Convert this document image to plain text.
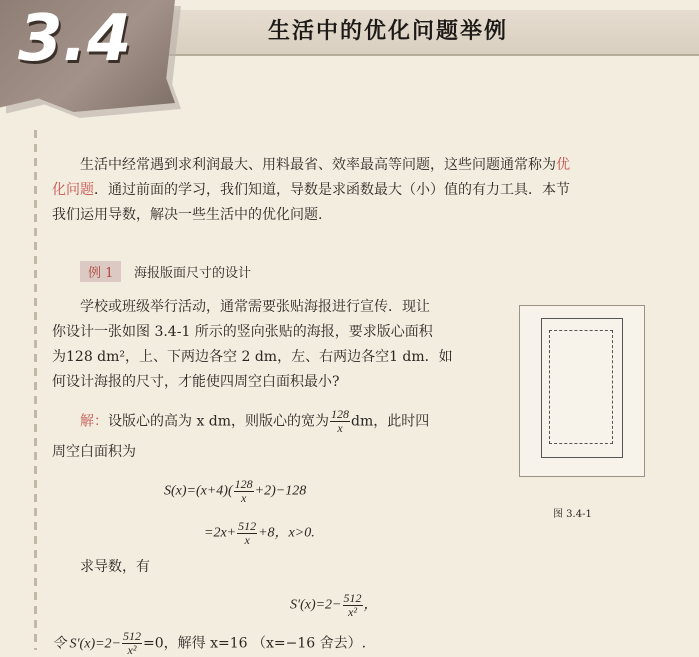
3.4	生活中的优化问题举例
生活中经常遇到求利润最大、用料最省、效率最高等问题，这些问题通常称为优
化问题．通过前面的学习，我们知道，导数是求函数最大（小）值的有力工具．本节
我们运用导数，解决一些生活中的优化问题.
例 1	海报版面尺寸的设计
学校或班级举行活动，通常需要张贴海报进行宣传．现让
你设计一张如图 3.4-1 所示的竖向张贴的海报，要求版心面积
为128 dm²，上、下两边各空 2 dm，左、右两边各空1 dm．如
何设计海报的尺寸，才能使四周空白面积最小?
解：设版心的高为 x dm，则版心的宽为 $\frac{128}{x}$ dm，此时四
周空白面积为
$S(x)=(x+4)( \frac{128}{x} +2)-128$
$=2x+ \frac{512}{x} +8$，x>0.
求导数，有
$S'(x)=2- \frac{512}{\text{x²}}$ ，
令 $S'(x)=2- \frac{512}{\text{x²}} =0$，解得 x=16 （x=−16 舍去）.
图 3.4-1
